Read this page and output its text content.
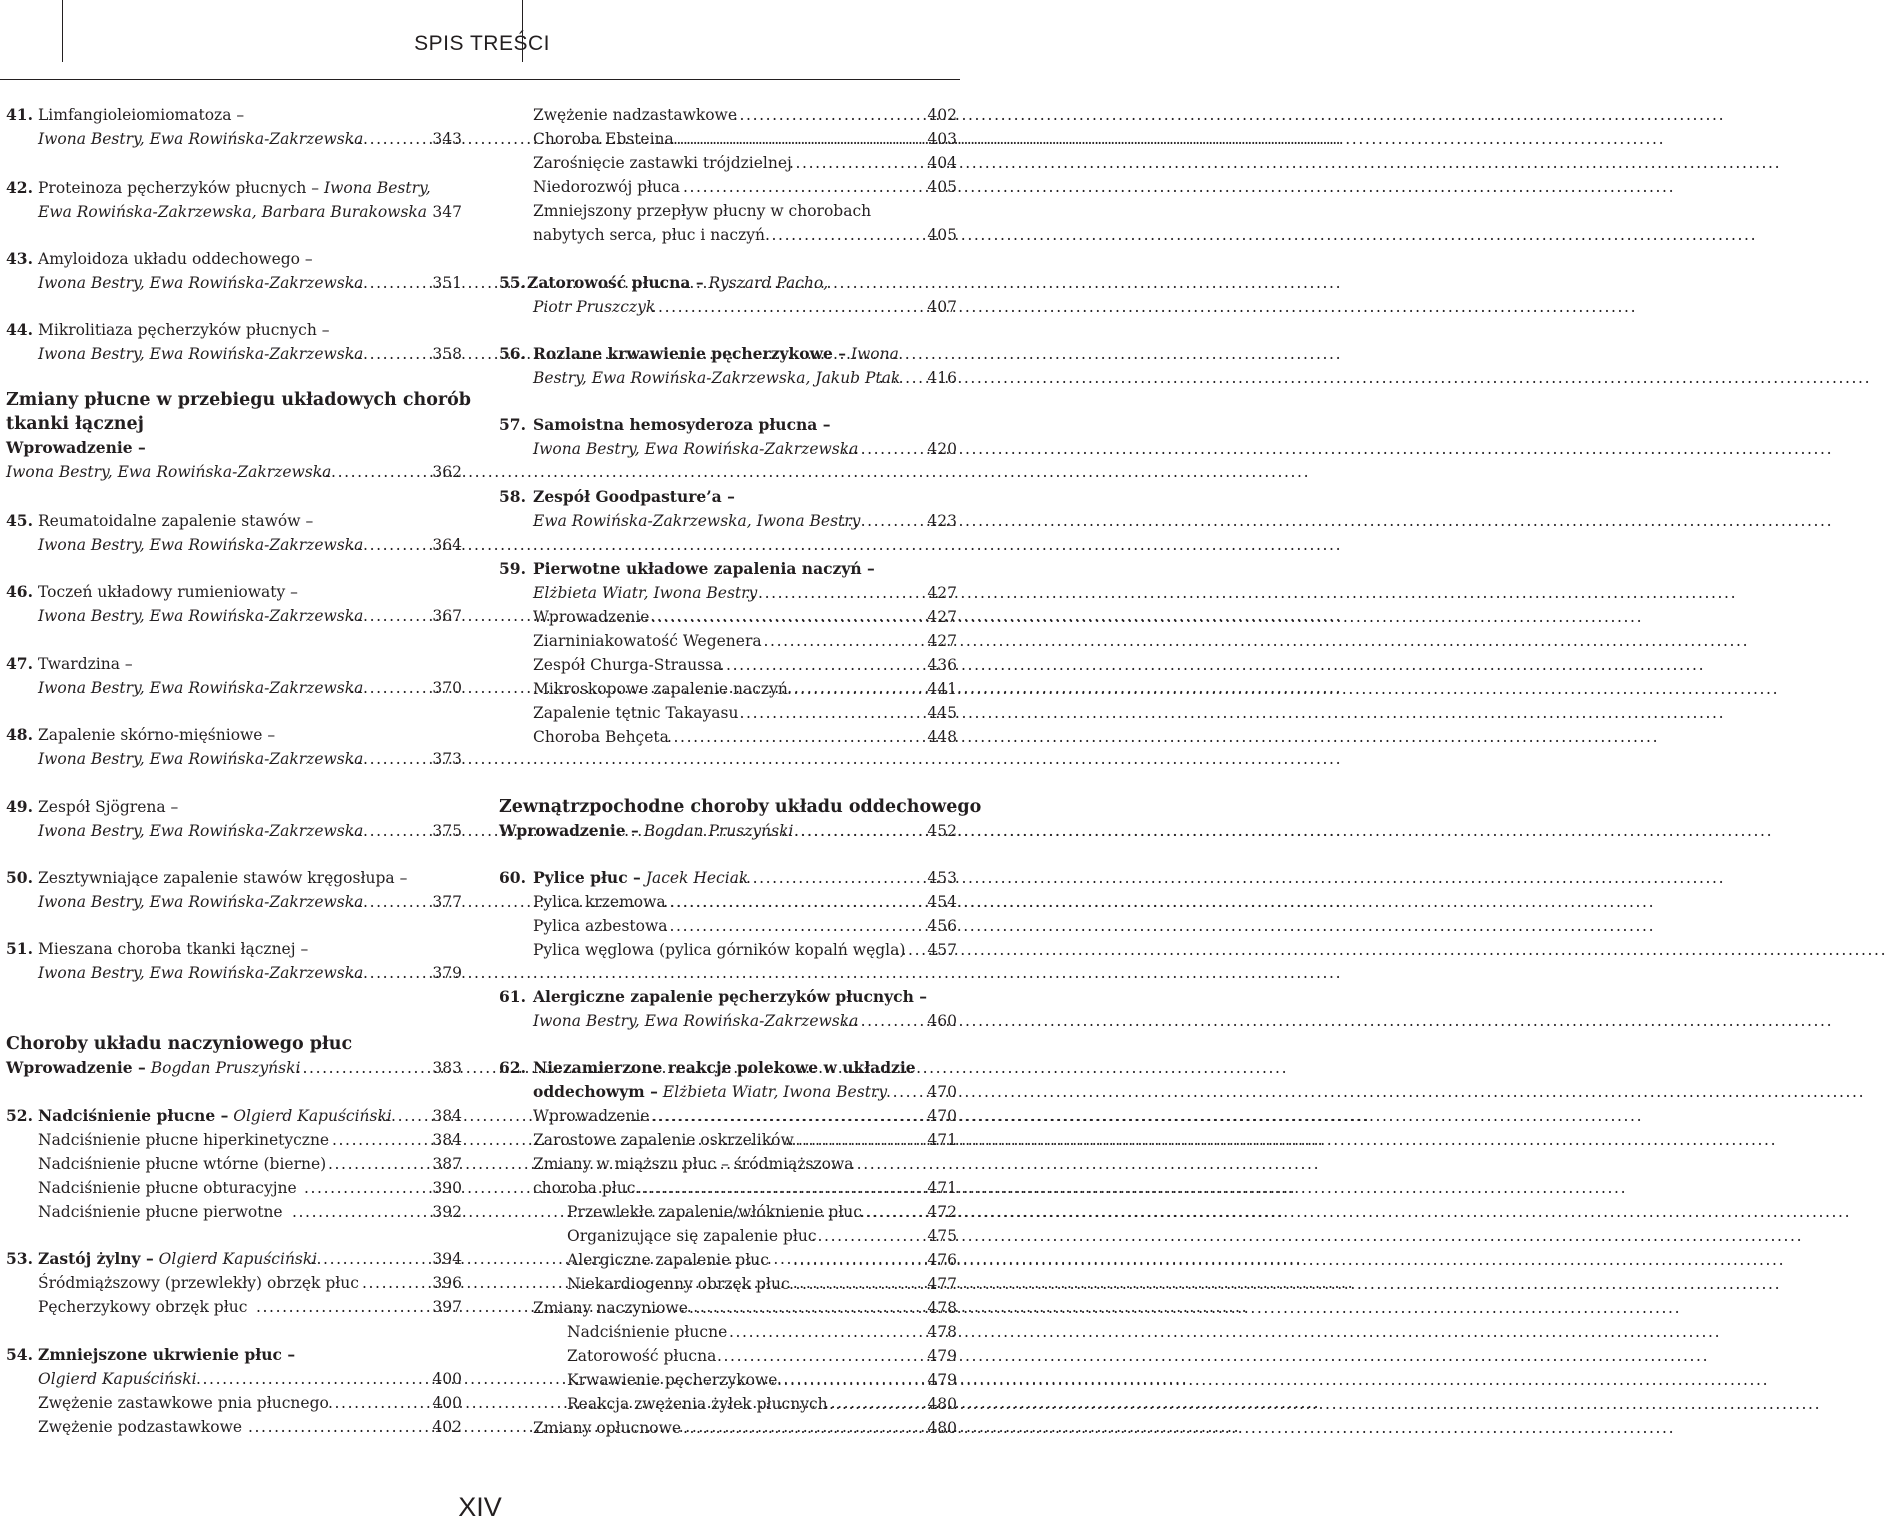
SPIS TREŚCI
41. Limfangioleiomiomatoza –
Iwona Bestry, Ewa Rowińska-Zakrzewska .....	343
42. Proteinoza pęcherzyków płucnych – Iwona Bestry,
Ewa Rowińska-Zakrzewska, Barbara Burakowska ..... 347
43. Amyloidoza układu oddechowego –
Iwona Bestry, Ewa Rowińska-Zakrzewska .....	351
44. Mikrolitiaza pęcherzyków płucnych –
Iwona Bestry, Ewa Rowińska-Zakrzewska .....	358
Zmiany płucne w przebiegu układowych chorób
tkanki łącznej
Wprowadzenie –
Iwona Bestry, Ewa Rowińska-Zakrzewska .....	362
45. Reumatoidalne zapalenie stawów –
Iwona Bestry, Ewa Rowińska-Zakrzewska .....	364
46. Toczeń układowy rumieniowaty –
Iwona Bestry, Ewa Rowińska-Zakrzewska .....	367
47. Twardzina –
Iwona Bestry, Ewa Rowińska-Zakrzewska .....	370
48. Zapalenie skórno-mięśniowe –
Iwona Bestry, Ewa Rowińska-Zakrzewska .....	373
49. Zespół Sjögrena –
Iwona Bestry, Ewa Rowińska-Zakrzewska .....	375
50. Zesztywniające zapalenie stawów kręgosłupa –
Iwona Bestry, Ewa Rowińska-Zakrzewska .....	377
51. Mieszana choroba tkanki łącznej –
Iwona Bestry, Ewa Rowińska-Zakrzewska .....	379
Choroby układu naczyniowego płuc
Wprowadzenie – Bogdan Pruszyński .....	383
52. Nadciśnienie płucne – Olgierd Kapuściński .....	384
Nadciśnienie płucne hiperkinetyczne .....	384
Nadciśnienie płucne wtórne (bierne) .....	387
Nadciśnienie płucne obturacyjne .....	390
Nadciśnienie płucne pierwotne .....	392
53. Zastój żylny – Olgierd Kapuściński .....	394
Śródmiąższowy (przewlekły) obrzęk płuc .....	396
Pęcherzykowy obrzęk płuc .....	397
54. Zmniejszone ukrwienie płuc –
Olgierd Kapuściński .....	400
Zwężenie zastawkowe pnia płucnego .....	400
Zwężenie podzastawkowe .....	402
Zwężenie nadzastawkowe .....	402
Choroba Ebsteina .....	403
Zarośnięcie zastawki trójdzielnej .....	404
Niedorozwój płuca .....	405
Zmniejszony przepływ płucny w chorobach
nabytych serca, płuc i naczyń .....	405
55. Zatorowość płucna – Ryszard Pacho,
Piotr Pruszczyk .....	407
56. Rozlane krwawienie pęcherzykowe – Iwona
Bestry, Ewa Rowińska-Zakrzewska, Jakub Ptak ..... 416
57. Samoistna hemosyderoza płucna –
Iwona Bestry, Ewa Rowińska-Zakrzewska .....	420
58. Zespół Goodpasture’a –
Ewa Rowińska-Zakrzewska, Iwona Bestry .....	423
59. Pierwotne układowe zapalenia naczyń –
Elżbieta Wiatr, Iwona Bestry .....	427
Wprowadzenie .....	427
Ziarniniakowatość Wegenera .....	427
Zespół Churga-Straussa .....	436
Mikroskopowe zapalenie naczyń .....	441
Zapalenie tętnic Takayasu .....	445
Choroba Behçeta .....	448
Zewnątrzpochodne choroby układu oddechowego
Wprowadzenie – Bogdan Pruszyński .....	452
60. Pylice płuc – Jacek Heciak .....	453
Pylica krzemowa .....	454
Pylica azbestowa .....	456
Pylica węglowa (pylica górników kopalń węgla) ..... 457
61. Alergiczne zapalenie pęcherzyków płucnych –
Iwona Bestry, Ewa Rowińska-Zakrzewska .....	460
62. Niezamierzone reakcje polekowe w układzie
oddechowym – Elżbieta Wiatr, Iwona Bestry .....	470
Wprowadzenie .....	470
Zarostowe zapalenie oskrzelików .....	471
Zmiany w miąższu płuc – śródmiąższowa
choroba płuc .....	471
Przewlekłe zapalenie/włóknienie płuc .....	472
Organizujące się zapalenie płuc .....	475
Alergiczne zapalenie płuc .....	476
Niekardiogenny obrzęk płuc .....	477
Zmiany naczyniowe .....	478
Nadciśnienie płucne .....	478
Zatorowość płucna .....	479
Krwawienie pęcherzykowe .....	479
Reakcja zwężenia żyłek płucnych .....	480
Zmiany opłucnowe .....	480
XIV
